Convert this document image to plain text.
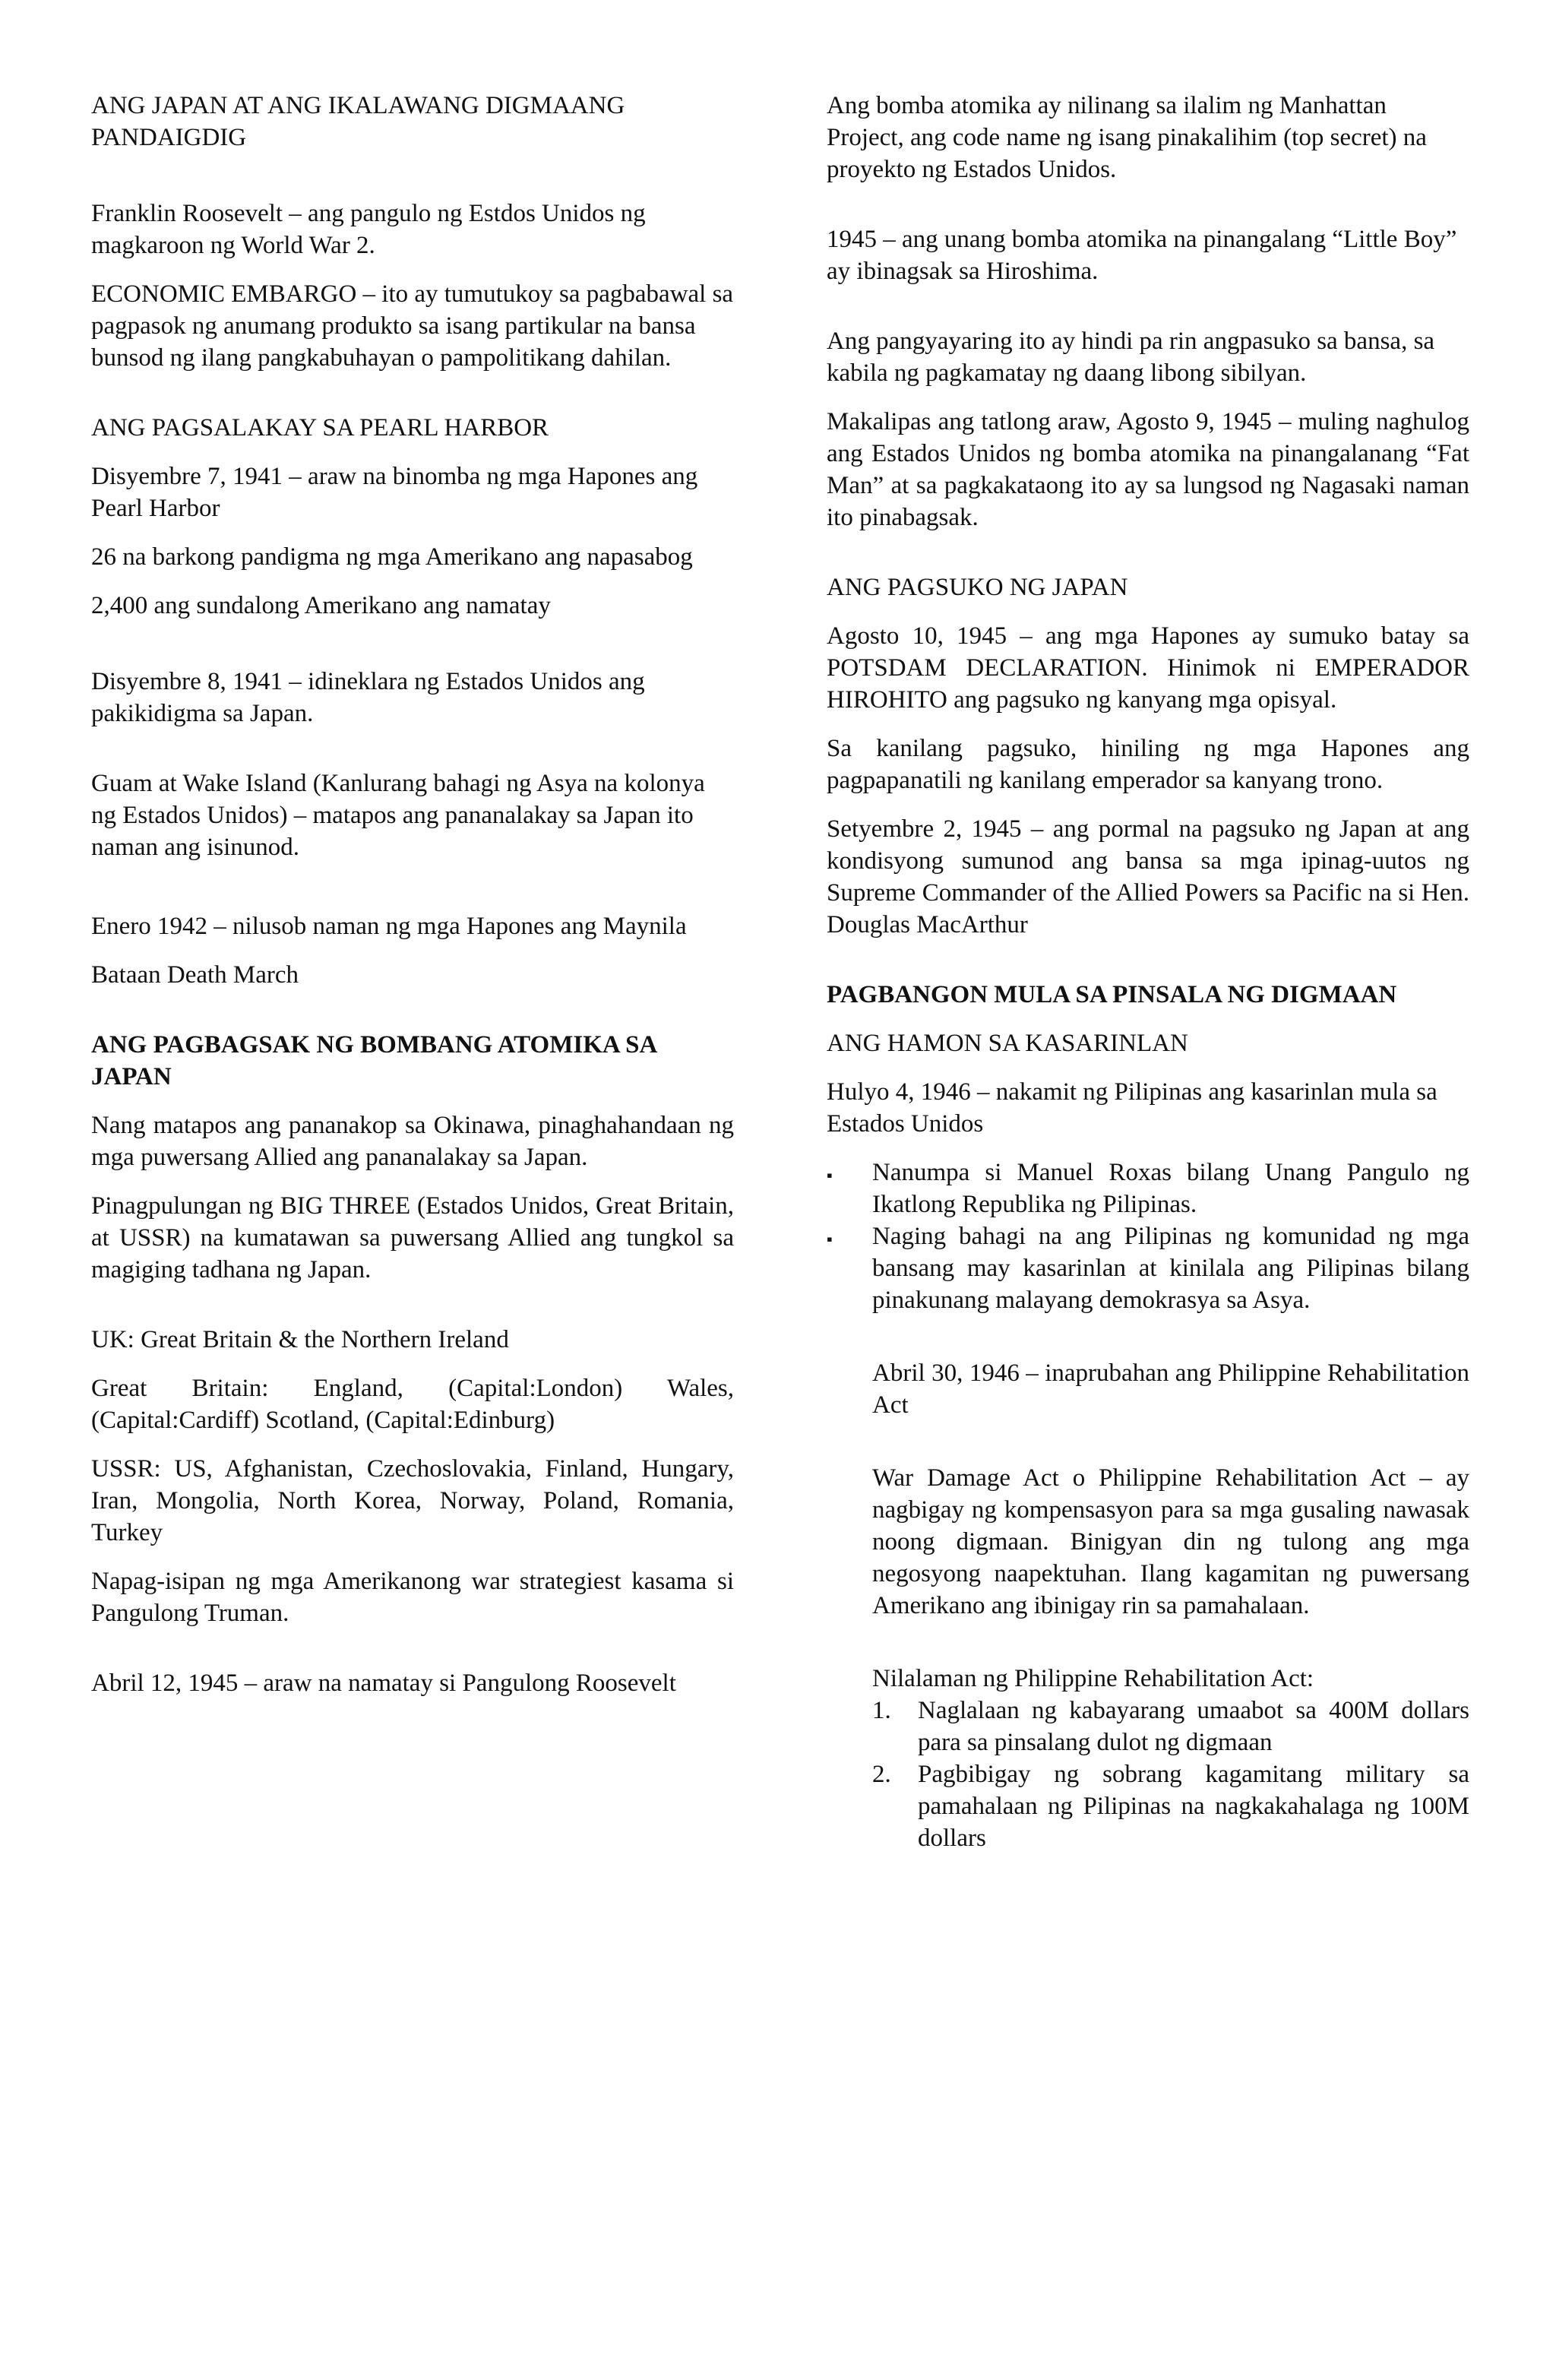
ANG JAPAN AT ANG IKALAWANG DIGMAANG PANDAIGDIG

Franklin Roosevelt – ang pangulo ng Estdos Unidos ng magkaroon ng World War 2.

ECONOMIC EMBARGO – ito ay tumutukoy sa pagbabawal sa pagpasok ng anumang produkto sa isang partikular na bansa bunsod ng ilang pangkabuhayan o pampolitikang dahilan.

ANG PAGSALAKAY SA PEARL HARBOR

Disyembre 7, 1941 – araw na binomba ng mga Hapones ang Pearl Harbor

26 na barkong pandigma ng mga Amerikano ang napasabog

2,400 ang sundalong Amerikano ang namatay

Disyembre 8, 1941 – idineklara ng Estados Unidos ang pakikidigma sa Japan.

Guam at Wake Island (Kanlurang bahagi ng Asya na kolonya ng Estados Unidos) – matapos ang pananalakay sa Japan ito naman ang isinunod.

Enero 1942 – nilusob naman ng mga Hapones ang Maynila

Bataan Death March

ANG PAGBAGSAK NG BOMBANG ATOMIKA SA JAPAN

Nang matapos ang pananakop sa Okinawa, pinaghahandaan ng mga puwersang Allied ang pananalakay sa Japan.

Pinagpulungan ng BIG THREE (Estados Unidos, Great Britain, at USSR) na kumatawan sa puwersang Allied ang tungkol sa magiging tadhana ng Japan.

UK: Great Britain & the Northern Ireland

Great Britain: England, (Capital:London) Wales, (Capital:Cardiff) Scotland, (Capital:Edinburg)

USSR: US, Afghanistan, Czechoslovakia, Finland, Hungary, Iran, Mongolia, North Korea, Norway, Poland, Romania, Turkey

Napag-isipan ng mga Amerikanong war strategiest kasama si Pangulong Truman.

Abril 12, 1945 – araw na namatay si Pangulong Roosevelt

Ang bomba atomika ay nilinang sa ilalim ng Manhattan Project, ang code name ng isang pinakalihim (top secret) na proyekto ng Estados Unidos.

1945 – ang unang bomba atomika na pinangalang “Little Boy” ay ibinagsak sa Hiroshima.

Ang pangyayaring ito ay hindi pa rin angpasuko sa bansa, sa kabila ng pagkamatay ng daang libong sibilyan.

Makalipas ang tatlong araw, Agosto 9, 1945 – muling naghulog ang Estados Unidos ng bomba atomika na pinangalanang “Fat Man” at sa pagkakataong ito ay sa lungsod ng Nagasaki naman ito pinabagsak.

ANG PAGSUKO NG JAPAN

Agosto 10, 1945 – ang mga Hapones ay sumuko batay sa POTSDAM DECLARATION. Hinimok ni EMPERADOR HIROHITO ang pagsuko ng kanyang mga opisyal.

Sa kanilang pagsuko, hiniling ng mga Hapones ang pagpapanatili ng kanilang emperador sa kanyang trono.

Setyembre 2, 1945 – ang pormal na pagsuko ng Japan at ang kondisyong sumunod ang bansa sa mga ipinag-uutos ng Supreme Commander of the Allied Powers sa Pacific na si Hen. Douglas MacArthur

PAGBANGON MULA SA PINSALA NG DIGMAAN

ANG HAMON SA KASARINLAN

Hulyo 4, 1946 – nakamit ng Pilipinas ang kasarinlan mula sa Estados Unidos

▪ Nanumpa si Manuel Roxas bilang Unang Pangulo ng Ikatlong Republika ng Pilipinas.
▪ Naging bahagi na ang Pilipinas ng komunidad ng mga bansang may kasarinlan at kinilala ang Pilipinas bilang pinakunang malayang demokrasya sa Asya.

Abril 30, 1946 – inaprubahan ang Philippine Rehabilitation Act

War Damage Act o Philippine Rehabilitation Act – ay nagbigay ng kompensasyon para sa mga gusaling nawasak noong digmaan. Binigyan din ng tulong ang mga negosyong naapektuhan. Ilang kagamitan ng puwersang Amerikano ang ibinigay rin sa pamahalaan.

Nilalaman ng Philippine Rehabilitation Act:

1. Naglalaan ng kabayarang umaabot sa 400M dollars para sa pinsalang dulot ng digmaan
2. Pagbibigay ng sobrang kagamitang military sa pamahalaan ng Pilipinas na nagkakahalaga ng 100M dollars
